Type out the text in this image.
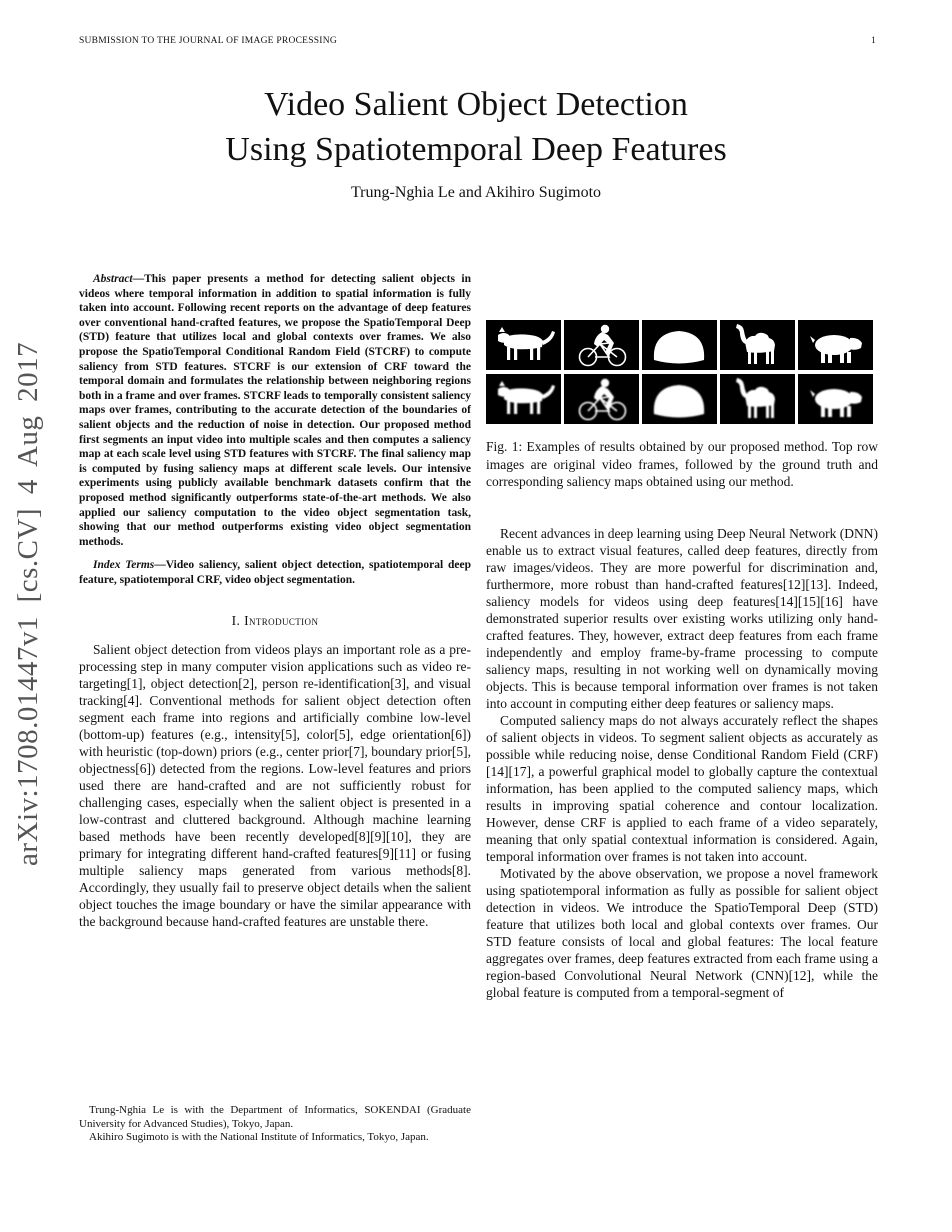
SUBMISSION TO THE JOURNAL OF IMAGE PROCESSING	1
Video Salient Object Detection
Using Spatiotemporal Deep Features
Trung-Nghia Le and Akihiro Sugimoto
arXiv:1708.01447v1 [cs.CV] 4 Aug 2017

Abstract—This paper presents a method for detecting salient objects in videos where temporal information in addition to spatial information is fully taken into account. Following recent reports on the advantage of deep features over conventional hand-crafted features, we propose the SpatioTemporal Deep (STD) feature that utilizes local and global contexts over frames. We also propose the SpatioTemporal Conditional Random Field (STCRF) to compute saliency from STD features. STCRF is our extension of CRF toward the temporal domain and formulates the relationship between neighboring regions both in a frame and over frames. STCRF leads to temporally consistent saliency maps over frames, contributing to the accurate detection of the boundaries of salient objects and the reduction of noise in detection. Our proposed method first segments an input video into multiple scales and then computes a saliency map at each scale level using STD features with STCRF. The final saliency map is computed by fusing saliency maps at different scale levels. Our intensive experiments using publicly available benchmark datasets confirm that the proposed method significantly outperforms state-of-the-art methods. We also applied our saliency computation to the video object segmentation task, showing that our method outperforms existing video object segmentation methods.

Index Terms—Video saliency, salient object detection, spatiotemporal deep feature, spatiotemporal CRF, video object segmentation.

I. Introduction

Salient object detection from videos plays an important role as a pre-processing step in many computer vision applications such as video re-targeting[1], object detection[2], person re-identification[3], and visual tracking[4]. Conventional methods for salient object detection often segment each frame into regions and artificially combine low-level (bottom-up) features (e.g., intensity[5], color[5], edge orientation[6]) with heuristic (top-down) priors (e.g., center prior[7], boundary prior[5], objectness[6]) detected from the regions. Low-level features and priors used there are hand-crafted and are not sufficiently robust for challenging cases, especially when the salient object is presented in a low-contrast and cluttered background. Although machine learning based methods have been recently developed[8][9][10], they are primary for integrating different hand-crafted features[9][11] or fusing multiple saliency maps generated from various methods[8]. Accordingly, they usually fail to preserve object details when the salient object touches the image boundary or have the similar appearance with the background because hand-crafted features are unstable there.

Fig. 1: Examples of results obtained by our proposed method. Top row images are original video frames, followed by the ground truth and corresponding saliency maps obtained using our method.

Recent advances in deep learning using Deep Neural Network (DNN) enable us to extract visual features, called deep features, directly from raw images/videos. They are more powerful for discrimination and, furthermore, more robust than hand-crafted features[12][13]. Indeed, saliency models for videos using deep features[14][15][16] have demonstrated superior results over existing works utilizing only hand-crafted features. They, however, extract deep features from each frame independently and employ frame-by-frame processing to compute saliency maps, resulting in not working well on dynamically moving objects. This is because temporal information over frames is not taken into account in computing either deep features or saliency maps.

Computed saliency maps do not always accurately reflect the shapes of salient objects in videos. To segment salient objects as accurately as possible while reducing noise, dense Conditional Random Field (CRF)[14][17], a powerful graphical model to globally capture the contextual information, has been applied to the computed saliency maps, which results in improving spatial coherence and contour localization. However, dense CRF is applied to each frame of a video separately, meaning that only spatial contextual information is considered. Again, temporal information over frames is not taken into account.

Motivated by the above observation, we propose a novel framework using spatiotemporal information as fully as possible for salient object detection in videos. We introduce the SpatioTemporal Deep (STD) feature that utilizes both local and global contexts over frames. Our STD feature consists of local and global features: The local feature aggregates over frames, deep features extracted from each frame using a region-based Convolutional Neural Network (CNN)[12], while the global feature is computed from a temporal-segment of

Trung-Nghia Le is with the Department of Informatics, SOKENDAI (Graduate University for Advanced Studies), Tokyo, Japan.

Akihiro Sugimoto is with the National Institute of Informatics, Tokyo, Japan.
